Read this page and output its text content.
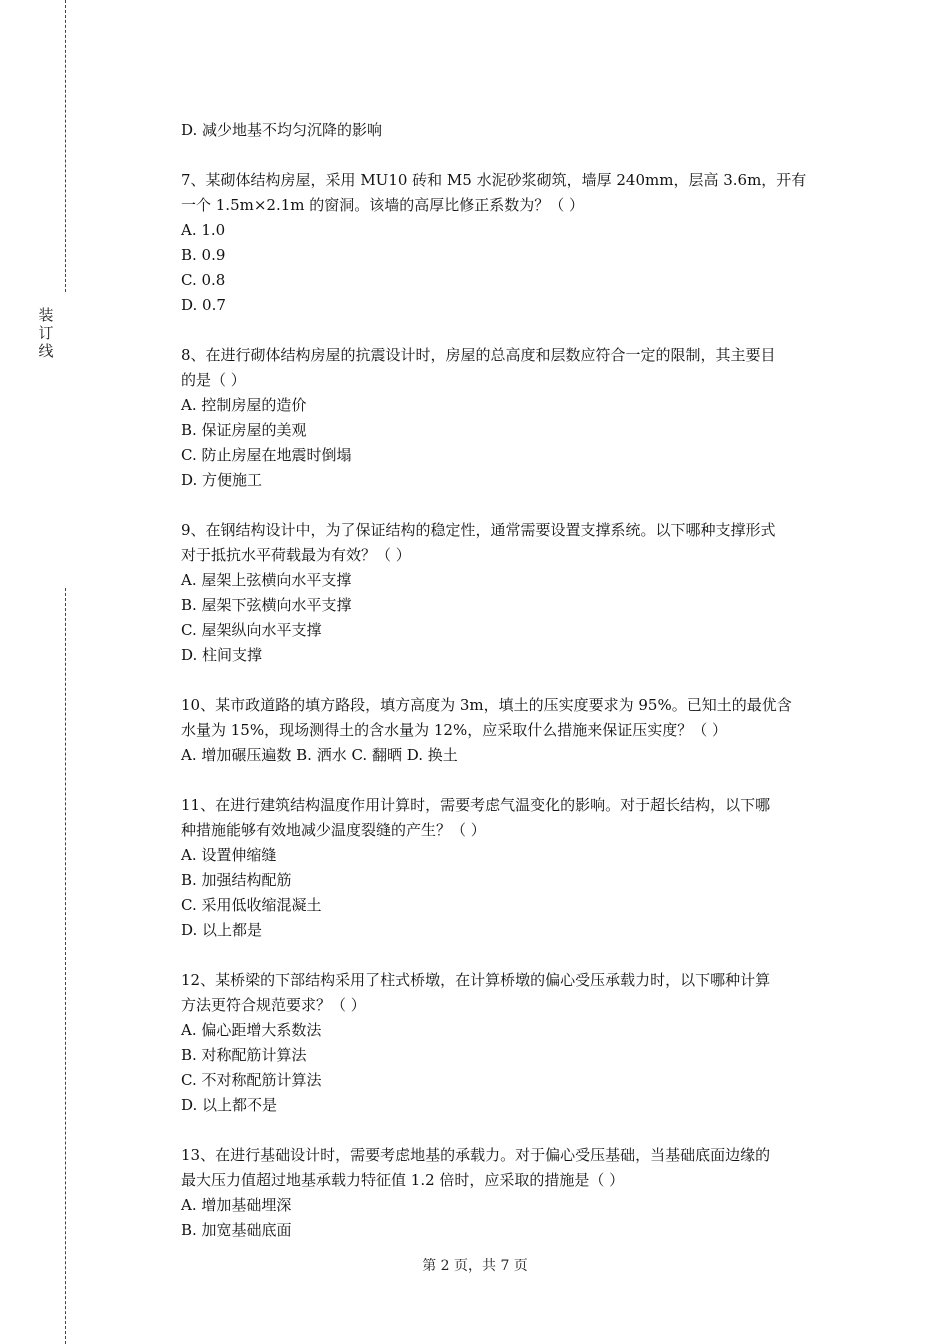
装
订
线

D. 减少地基不均匀沉降的影响

7、某砌体结构房屋，采用 MU10 砖和 M5 水泥砂浆砌筑，墙厚 240mm，层高 3.6m，开有

一个 1.5m×2.1m 的窗洞。该墙的高厚比修正系数为？（ ）

A. 1.0

B. 0.9

C. 0.8

D. 0.7

8、在进行砌体结构房屋的抗震设计时，房屋的总高度和层数应符合一定的限制，其主要目

的是（ ）

A. 控制房屋的造价

B. 保证房屋的美观

C. 防止房屋在地震时倒塌

D. 方便施工

9、在钢结构设计中，为了保证结构的稳定性，通常需要设置支撑系统。以下哪种支撑形式

对于抵抗水平荷载最为有效？（ ）

A. 屋架上弦横向水平支撑

B. 屋架下弦横向水平支撑

C. 屋架纵向水平支撑

D. 柱间支撑

10、某市政道路的填方路段，填方高度为 3m，填土的压实度要求为 95%。已知土的最优含

水量为 15%，现场测得土的含水量为 12%，应采取什么措施来保证压实度？（ ）

A. 增加碾压遍数 B. 洒水 C. 翻晒 D. 换土

11、在进行建筑结构温度作用计算时，需要考虑气温变化的影响。对于超长结构，以下哪

种措施能够有效地减少温度裂缝的产生？（ ）

A. 设置伸缩缝

B. 加强结构配筋

C. 采用低收缩混凝土

D. 以上都是

12、某桥梁的下部结构采用了柱式桥墩，在计算桥墩的偏心受压承载力时，以下哪种计算

方法更符合规范要求？（ ）

A. 偏心距增大系数法

B. 对称配筋计算法

C. 不对称配筋计算法

D. 以上都不是

13、在进行基础设计时，需要考虑地基的承载力。对于偏心受压基础，当基础底面边缘的

最大压力值超过地基承载力特征值 1.2 倍时，应采取的措施是（ ）

A. 增加基础埋深

B. 加宽基础底面

第 2 页，共 7 页
